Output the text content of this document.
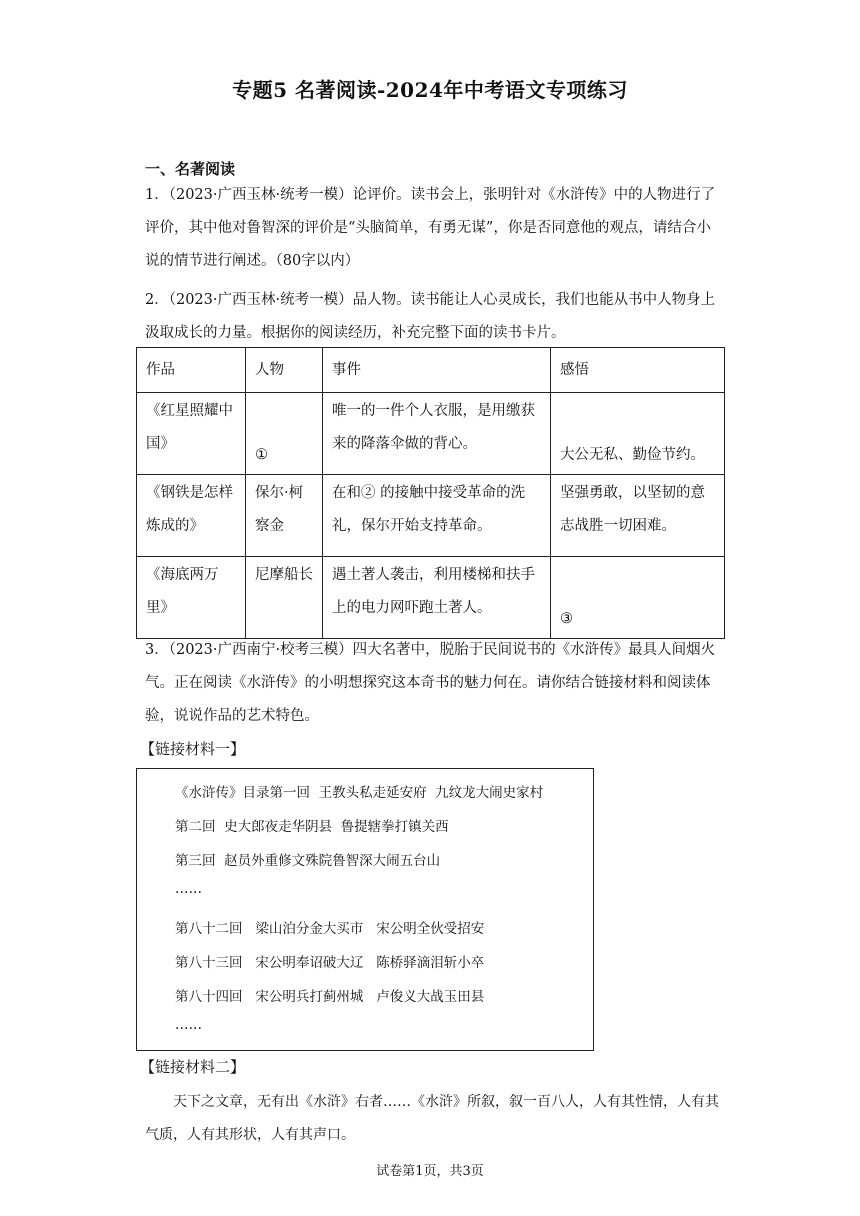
专题5 名著阅读-2024年中考语文专项练习
一、名著阅读

1．（2023·广西玉林·统考一模）论评价。读书会上，张明针对《水浒传》中的人物进行了评价，其中他对鲁智深的评价是“头脑简单，有勇无谋”，你是否同意他的观点，请结合小说的情节进行阐述。（80字以内）

2．（2023·广西玉林·统考一模）品人物。读书能让人心灵成长，我们也能从书中人物身上汲取成长的力量。根据你的阅读经历，补充完整下面的读书卡片。

作品	人物	事件	感悟
《红星照耀中国》	①	唯一的一件个人衣服，是用缴获来的降落伞做的背心。	大公无私、勤俭节约。
《钢铁是怎样炼成的》	保尔·柯察金	在和② 的接触中接受革命的洗礼，保尔开始支持革命。	坚强勇敢，以坚韧的意志战胜一切困难。
《海底两万里》	尼摩船长	遇土著人袭击，利用楼梯和扶手上的电力网吓跑土著人。	③

3．（2023·广西南宁·校考三模）四大名著中，脱胎于民间说书的《水浒传》最具人间烟火气。正在阅读《水浒传》的小明想探究这本奇书的魅力何在。请你结合链接材料和阅读体验，说说作品的艺术特色。

【链接材料一】
《水浒传》目录第一回  王教头私走延安府  九纹龙大闹史家村
第二回  史大郎夜走华阴县  鲁提辖拳打镇关西
第三回  赵员外重修文殊院鲁智深大闹五台山
……
第八十二回   梁山泊分金大买市   宋公明全伙受招安
第八十三回   宋公明奉诏破大辽   陈桥驿滴泪斩小卒
第八十四回   宋公明兵打蓟州城   卢俊义大战玉田县
……
【链接材料二】

天下之文章，无有出《水浒》右者……《水浒》所叙，叙一百八人，人有其性情，人有其气质，人有其形状，人有其声口。

试卷第1页，共3页
